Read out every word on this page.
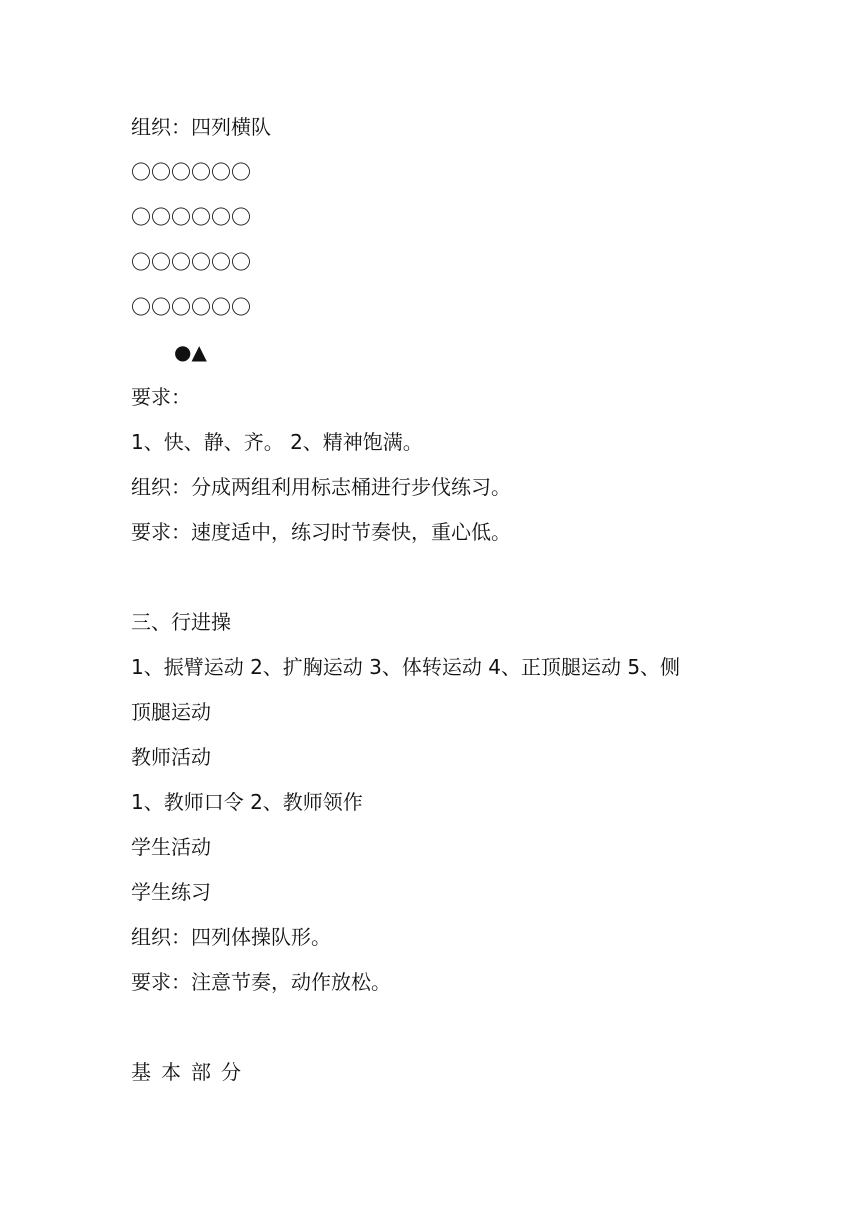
组织：四列横队

〇〇〇〇〇〇

〇〇〇〇〇〇

〇〇〇〇〇〇

〇〇〇〇〇〇

●▲

要求：

1、快、静、齐。 2、精神饱满。

组织：分成两组利用标志桶进行步伐练习。

要求：速度适中，练习时节奏快，重心低。

三、行进操

1、振臂运动 2、扩胸运动 3、体转运动 4、正顶腿运动 5、侧

顶腿运动

教师活动

1、教师口令 2、教师领作

学生活动

学生练习

组织：四列体操队形。

要求：注意节奏，动作放松。

基本部分
